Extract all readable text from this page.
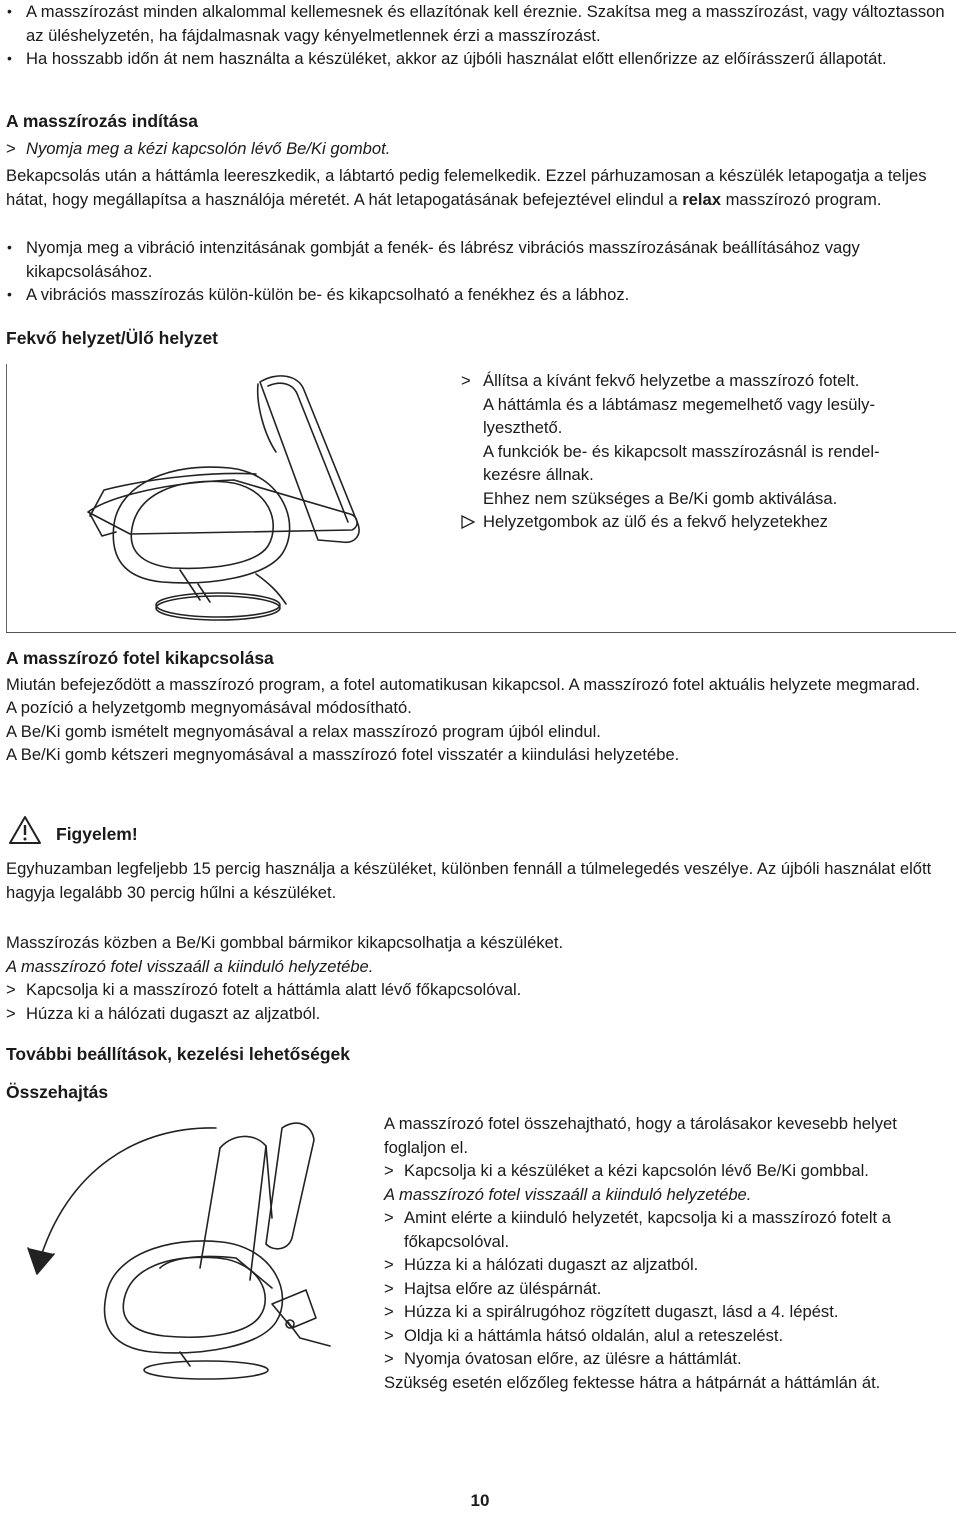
• A masszírozást minden alkalommal kellemesnek és ellazítónak kell éreznie. Szakítsa meg a masszírozást, vagy változtasson az üléshelyzetén, ha fájdalmasnak vagy kényelmetlennek érzi a masszírozást.
• Ha hosszabb időn át nem használta a készüléket, akkor az újbóli használat előtt ellenőrizze az előírásszerű állapotát.
A masszírozás indítása
> Nyomja meg a kézi kapcsolón lévő Be/Ki gombot.
Bekapcsolás után a háttámla leereszkedik, a lábtartó pedig felemelkedik. Ezzel párhuzamosan a készülék letapogatja a teljes hátat, hogy megállapítsa a használója méretét. A hát letapogatásának befejeztével elindul a relax masszírozó program.
• Nyomja meg a vibráció intenzitásának gombját a fenék- és lábrész vibrációs masszírozásának beállításához vagy kikapcsolásához.
• A vibrációs masszírozás külön-külön be- és kikapcsolható a fenékhez és a lábhoz.
Fekvő helyzet/Ülő helyzet
> Állítsa a kívánt fekvő helyzetbe a masszírozó fotelt.
A háttámla és a lábtámasz megemelhető vagy lesüly-
lyeszthető.
A funkciók be- és kikapcsolt masszírozásnál is rendel-
kezésre állnak.
Ehhez nem szükséges a Be/Ki gomb aktiválása.
Helyzetgombok az ülő és a fekvő helyzetekhez
A masszírozó fotel kikapcsolása
Miután befejeződött a masszírozó program, a fotel automatikusan kikapcsol. A masszírozó fotel aktuális helyzete megmarad.
A pozíció a helyzetgomb megnyomásával módosítható.
A Be/Ki gomb ismételt megnyomásával a relax masszírozó program újból elindul.
A Be/Ki gomb kétszeri megnyomásával a masszírozó fotel visszatér a kiindulási helyzetébe.
Figyelem!
Egyhuzamban legfeljebb 15 percig használja a készüléket, különben fennáll a túlmelegedés veszélye. Az újbóli használat előtt hagyja legalább 30 percig hűlni a készüléket.
Masszírozás közben a Be/Ki gombbal bármikor kikapcsolhatja a készüléket.
A masszírozó fotel visszaáll a kiinduló helyzetébe.
> Kapcsolja ki a masszírozó fotelt a háttámla alatt lévő főkapcsolóval.
> Húzza ki a hálózati dugaszt az aljzatból.
További beállítások, kezelési lehetőségek
Összehajtás
A masszírozó fotel összehajtható, hogy a tárolásakor kevesebb helyet foglaljon el.
> Kapcsolja ki a készüléket a kézi kapcsolón lévő Be/Ki gombbal.
A masszírozó fotel visszaáll a kiinduló helyzetébe.
> Amint elérte a kiinduló helyzetét, kapcsolja ki a masszírozó fotelt a főkapcsolóval.
> Húzza ki a hálózati dugaszt az aljzatból.
> Hajtsa előre az üléspárnát.
> Húzza ki a spirálrugóhoz rögzített dugaszt, lásd a 4. lépést.
> Oldja ki a háttámla hátsó oldalán, alul a reteszelést.
> Nyomja óvatosan előre, az ülésre a háttámlát.
Szükség esetén előzőleg fektesse hátra a hátpárnát a háttámlán át.
10
